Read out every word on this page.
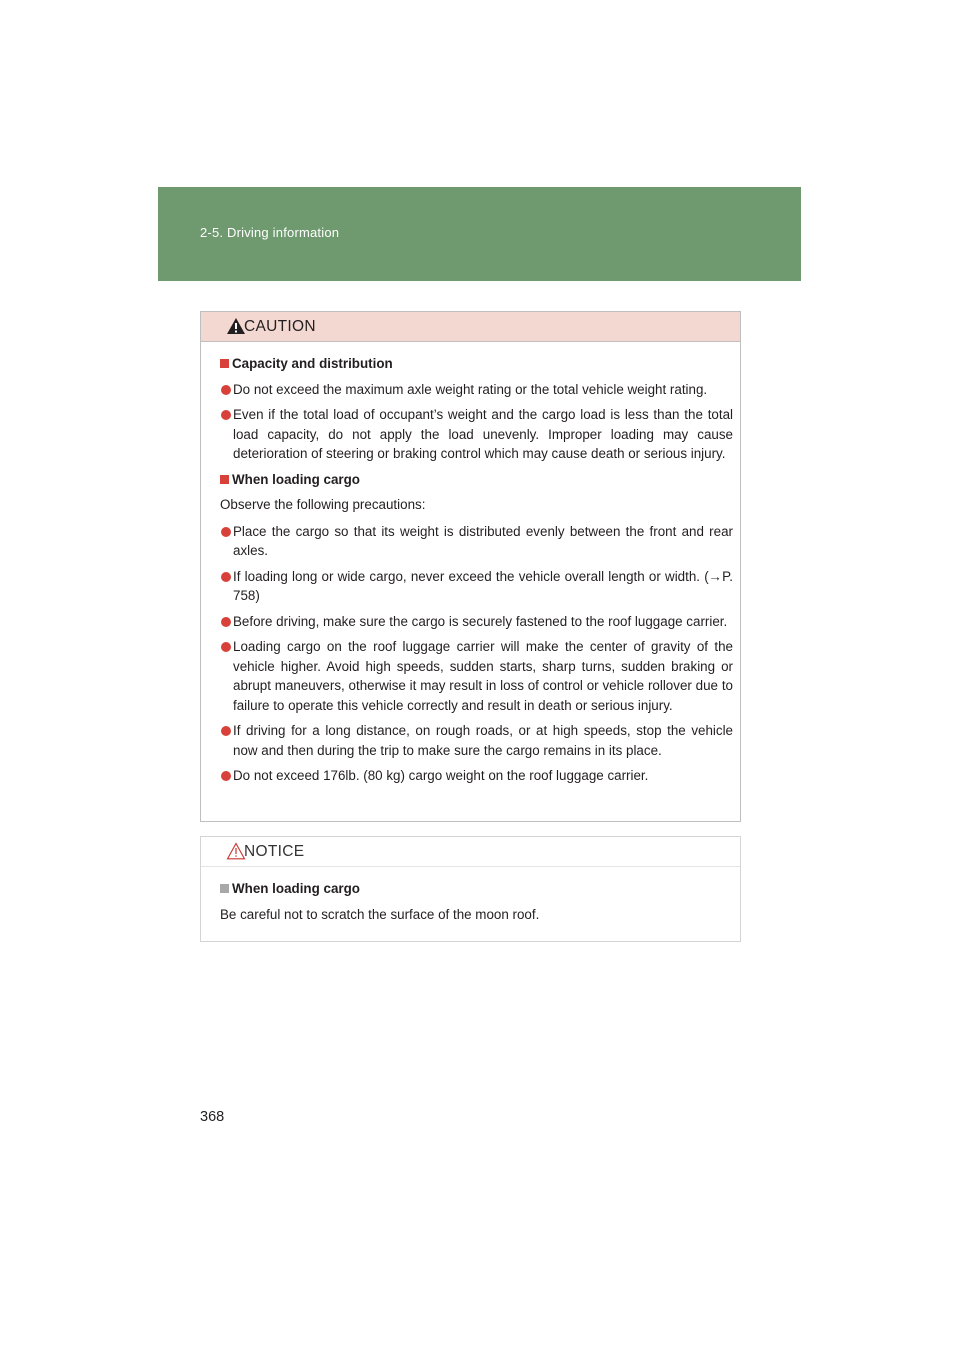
2-5. Driving information
CAUTION
Capacity and distribution
Do not exceed the maximum axle weight rating or the total vehicle weight rating.
Even if the total load of occupant’s weight and the cargo load is less than the total load capacity, do not apply the load unevenly. Improper loading may cause deterioration of steering or braking control which may cause death or serious injury.
When loading cargo
Observe the following precautions:
Place the cargo so that its weight is distributed evenly between the front and rear axles.
If loading long or wide cargo, never exceed the vehicle overall length or width. (→P. 758)
Before driving, make sure the cargo is securely fastened to the roof luggage carrier.
Loading cargo on the roof luggage carrier will make the center of gravity of the vehicle higher. Avoid high speeds, sudden starts, sharp turns, sudden braking or abrupt maneuvers, otherwise it may result in loss of control or vehicle rollover due to failure to operate this vehicle correctly and result in death or serious injury.
If driving for a long distance, on rough roads, or at high speeds, stop the vehicle now and then during the trip to make sure the cargo remains in its place.
Do not exceed 176lb. (80 kg) cargo weight on the roof luggage carrier.
NOTICE
When loading cargo
Be careful not to scratch the surface of the moon roof.
368
